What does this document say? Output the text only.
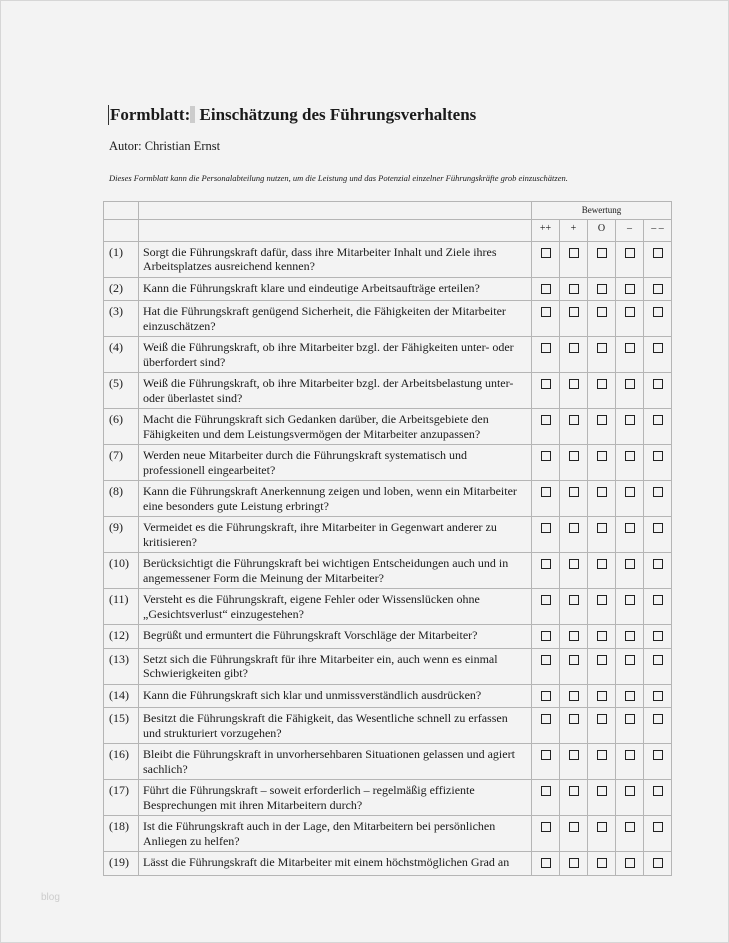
Formblatt: Einschätzung des Führungsverhaltens
Autor: Christian Ernst
Dieses Formblatt kann die Personalabteilung nutzen, um die Leistung und das Potenzial einzelner Führungskräfte grob einzuschätzen.
		Bewertung				
		++	+	O	–	– –
(1)	Sorgt die Führungskraft dafür, dass ihre Mitarbeiter Inhalt und Ziele ihres Arbeitsplatzes ausreichend kennen?					
(2)	Kann die Führungskraft klare und eindeutige Arbeitsaufträge erteilen?					
(3)	Hat die Führungskraft genügend Sicherheit, die Fähigkeiten der Mitarbeiter einzuschätzen?					
(4)	Weiß die Führungskraft, ob ihre Mitarbeiter bzgl. der Fähigkeiten unter- oder überfordert sind?					
(5)	Weiß die Führungskraft, ob ihre Mitarbeiter bzgl. der Arbeitsbelastung unter- oder überlastet sind?					
(6)	Macht die Führungskraft sich Gedanken darüber, die Arbeitsgebiete den Fähigkeiten und dem Leistungsvermögen der Mitarbeiter anzupassen?					
(7)	Werden neue Mitarbeiter durch die Führungskraft systematisch und professionell eingearbeitet?					
(8)	Kann die Führungskraft Anerkennung zeigen und loben, wenn ein Mitarbeiter eine besonders gute Leistung erbringt?					
(9)	Vermeidet es die Führungskraft, ihre Mitarbeiter in Gegenwart anderer zu kritisieren?					
(10)	Berücksichtigt die Führungskraft bei wichtigen Entscheidungen auch und in angemessener Form die Meinung der Mitarbeiter?					
(11)	Versteht es die Führungskraft, eigene Fehler oder Wissenslücken ohne „Gesichtsverlust“ einzugestehen?					
(12)	Begrüßt und ermuntert die Führungskraft Vorschläge der Mitarbeiter?					
(13)	Setzt sich die Führungskraft für ihre Mitarbeiter ein, auch wenn es einmal Schwierigkeiten gibt?					
(14)	Kann die Führungskraft sich klar und unmissverständlich ausdrücken?					
(15)	Besitzt die Führungskraft die Fähigkeit, das Wesentliche schnell zu erfassen und strukturiert vorzugehen?					
(16)	Bleibt die Führungskraft in unvorhersehbaren Situationen gelassen und agiert sachlich?					
(17)	Führt die Führungskraft – soweit erforderlich – regelmäßig effiziente Besprechungen mit ihren Mitarbeitern durch?					
(18)	Ist die Führungskraft auch in der Lage, den Mitarbeitern bei persönlichen Anliegen zu helfen?					
(19)	Lässt die Führungskraft die Mitarbeiter mit einem höchstmöglichen Grad an					
blog
